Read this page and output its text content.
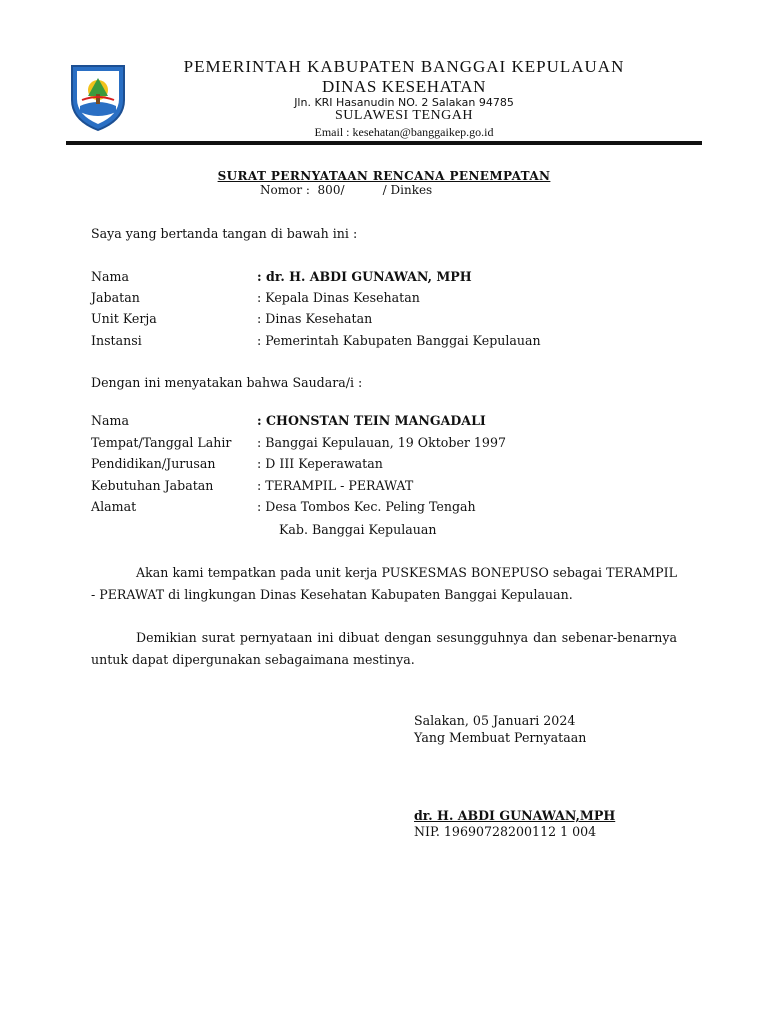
PEMERINTAH KABUPATEN BANGGAI KEPULAUAN
DINAS KESEHATAN
Jln. KRI Hasanudin NO. 2 Salakan 94785
SULAWESI TENGAH
Email : kesehatan@banggaikep.go.id
SURAT PERNYATAAN RENCANA PENEMPATAN
Nomor :  800/          / Dinkes
Saya yang bertanda tangan di bawah ini :
Nama	: dr. H. ABDI GUNAWAN, MPH
Jabatan	: Kepala Dinas Kesehatan
Unit Kerja	: Dinas Kesehatan
Instansi	: Pemerintah Kabupaten Banggai Kepulauan
Dengan ini menyatakan bahwa Saudara/i :
Nama	: CHONSTAN TEIN MANGADALI
Tempat/Tanggal Lahir : Banggai Kepulauan, 19 Oktober 1997
Pendidikan/Jurusan	: D III Keperawatan
Kebutuhan Jabatan	: TERAMPIL - PERAWAT
Alamat	: Desa Tombos Kec. Peling Tengah
Kab. Banggai Kepulauan
Akan kami tempatkan pada unit kerja PUSKESMAS BONEPUSO sebagai TERAMPIL - PERAWAT di lingkungan Dinas Kesehatan Kabupaten Banggai Kepulauan.
Demikian surat pernyataan ini dibuat dengan sesungguhnya dan sebenar-benarnya untuk dapat dipergunakan sebagaimana mestinya.
Salakan, 05 Januari 2024
Yang Membuat Pernyataan
dr. H. ABDI GUNAWAN,MPH
NIP. 19690728200112 1 004
